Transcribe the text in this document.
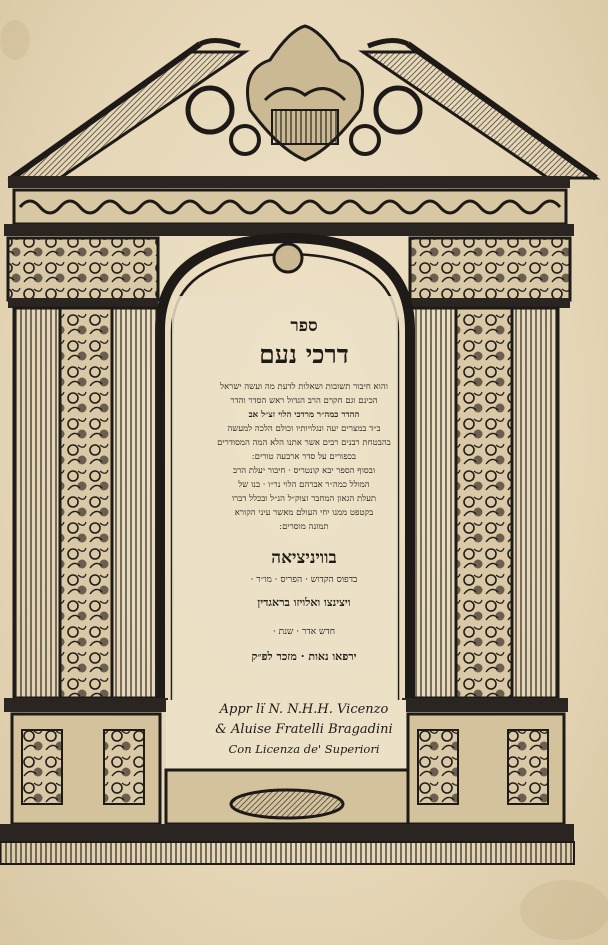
ספר
דרכי נעם
והוא חיבור תשובות ושאלות לדעת מה ועשה ישראל
הכינם וגם חקרם הרב הגדול ראש הסדר והדר
ההדר כמה״ר מרדכי הלוי זצ״ל אב
ב״ד במצרים יעה ונגלויותיו וכולם הלכה למעשה
בהבטחת רבנים רבים אשר אתנו הלא המה המסודרים
בכפורים על סדר ארבעה טורים ׃
ובסוף הספר יבא קונטריס · חיבור יעלת הרב
המולל כמה״ר אברהם הלוי נר״ו · בנו של
תעלת הגאון המחבר זצוק״ל הנ״ל ובכלל דברו
בקטפט ממנו יחי העולם מאשר עיני הקורא
תמונה מוסרים ׃
בוויניציאה
בדפוס הקדוש · הפריס · מו״ר ·
ויצינצו ואלויזו בראגדין
חדש אדר · שנת ·
ירפאו נאות · מזכר לפ״ק
Appr lï N. N.H.H. Vicenzo
& Aluise Fratelli Bragadini
Con Licenza de' Superiori
